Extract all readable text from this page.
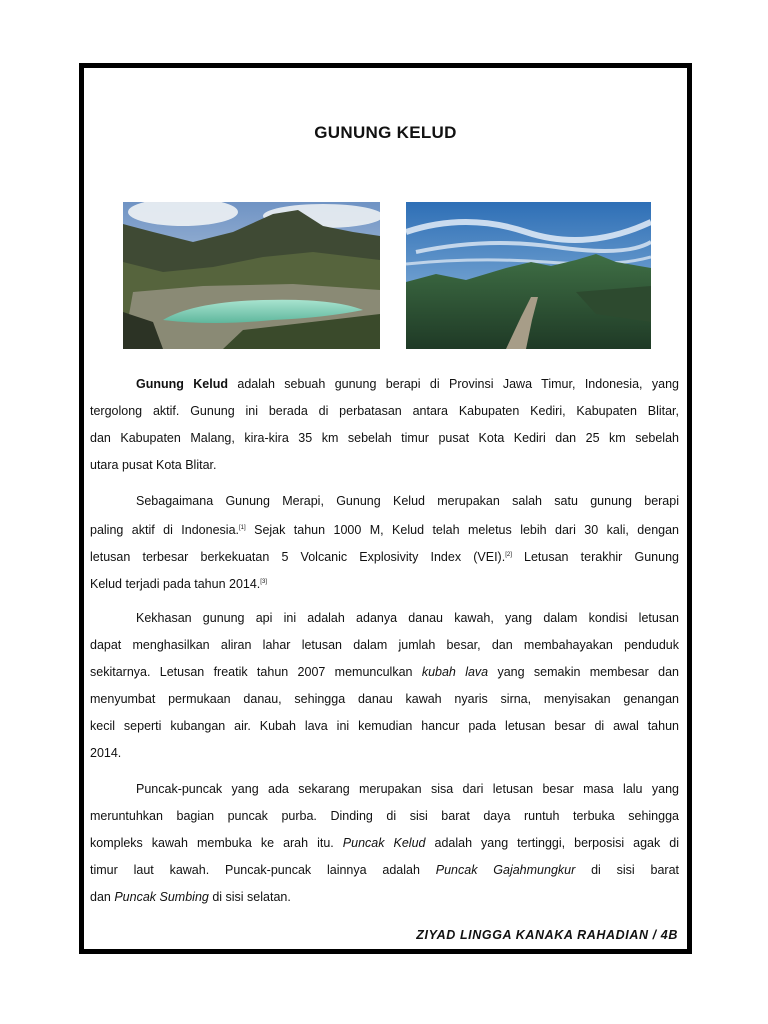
GUNUNG KELUD
Gunung Kelud adalah sebuah gunung berapi di Provinsi Jawa Timur, Indonesia, yang
tergolong aktif. Gunung ini berada di perbatasan antara Kabupaten Kediri, Kabupaten Blitar,
dan Kabupaten Malang, kira-kira 35 km sebelah timur pusat Kota Kediri dan 25 km sebelah
utara pusat Kota Blitar.
Sebagaimana Gunung Merapi, Gunung Kelud merupakan salah satu gunung berapi
paling aktif di Indonesia.[1] Sejak tahun 1000 M, Kelud telah meletus lebih dari 30 kali, dengan
letusan terbesar berkekuatan 5 Volcanic Explosivity Index (VEI).[2] Letusan terakhir Gunung
Kelud terjadi pada tahun 2014.[3]
Kekhasan gunung api ini adalah adanya danau kawah, yang dalam kondisi letusan
dapat menghasilkan aliran lahar letusan dalam jumlah besar, dan membahayakan penduduk
sekitarnya. Letusan freatik tahun 2007 memunculkan kubah lava yang semakin membesar dan
menyumbat permukaan danau, sehingga danau kawah nyaris sirna, menyisakan genangan
kecil seperti kubangan air. Kubah lava ini kemudian hancur pada letusan besar di awal tahun
2014.
Puncak-puncak yang ada sekarang merupakan sisa dari letusan besar masa lalu yang
meruntuhkan bagian puncak purba. Dinding di sisi barat daya runtuh terbuka sehingga
kompleks kawah membuka ke arah itu. Puncak Kelud adalah yang tertinggi, berposisi agak di
timur laut kawah. Puncak-puncak lainnya adalah Puncak Gajahmungkur di sisi barat
dan Puncak Sumbing di sisi selatan.
ZIYAD LINGGA KANAKA RAHADIAN / 4B
